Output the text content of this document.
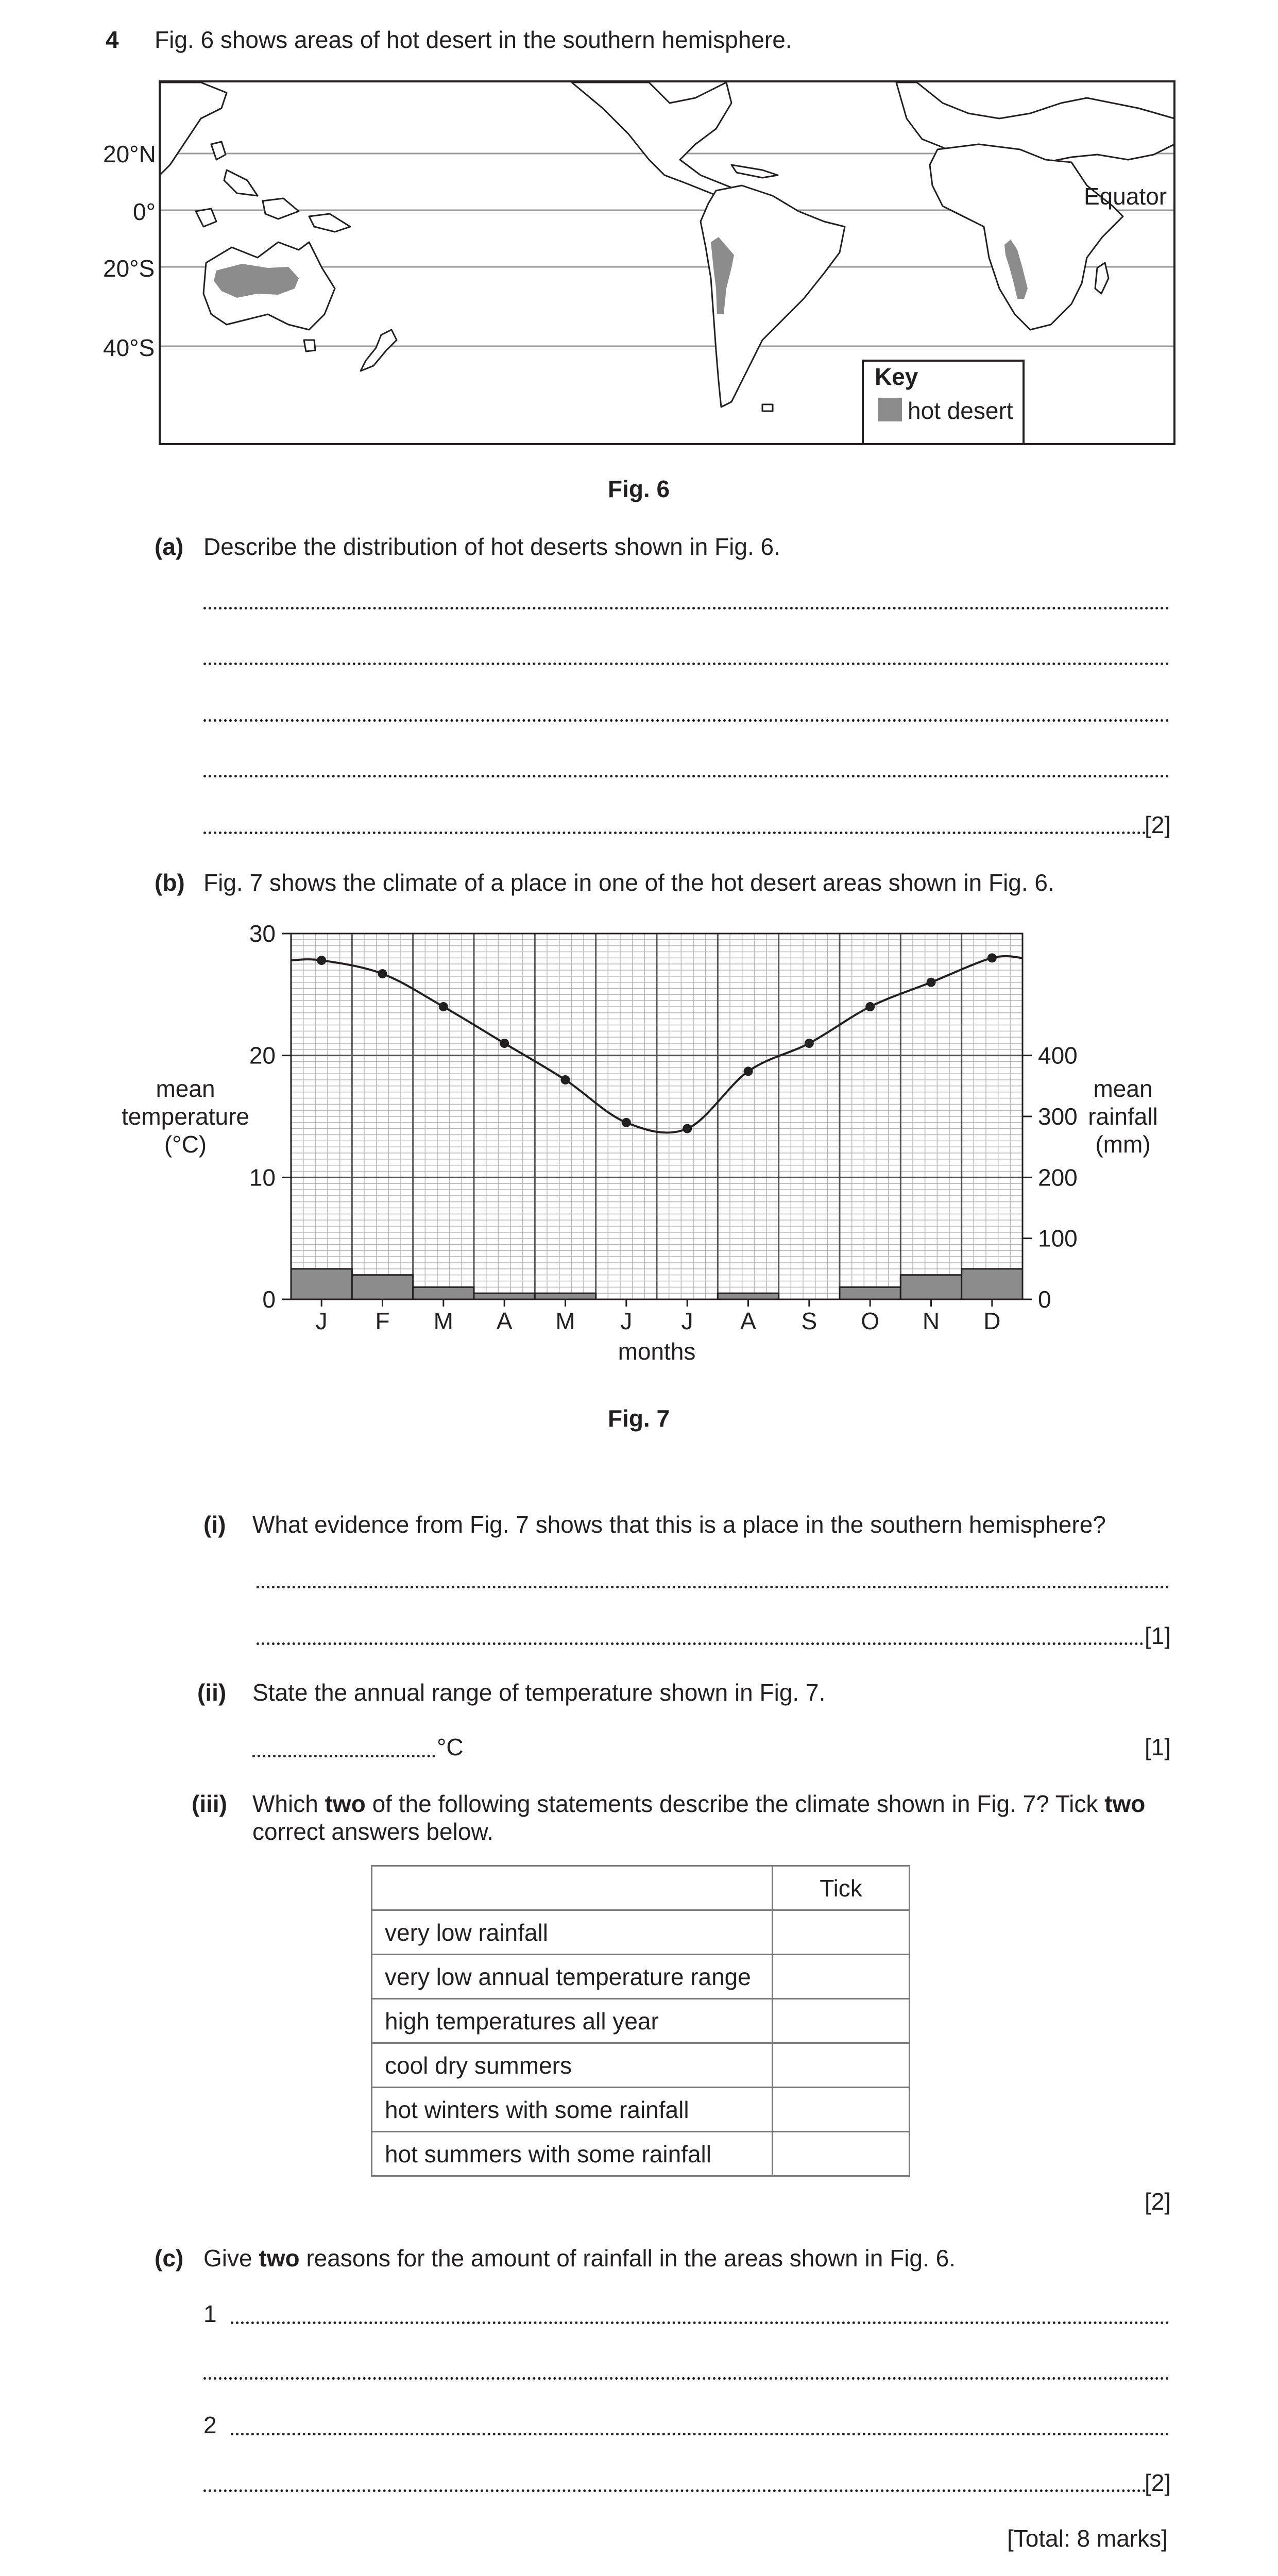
4 Fig. 6 shows areas of hot desert in the southern hemisphere.
20°N
0°
20°S
40°S
Equator
Key
hot desert
Fig. 6
(a) Describe the distribution of hot deserts shown in Fig. 6.
[2]
(b) Fig. 7 shows the climate of a place in one of the hot desert areas shown in Fig. 6.
0
10
20
30
0
100
200
300
400
J F M A M J J A S O N D
mean
temperature
(°C)
mean
rainfall
(mm)
months
Fig. 7
(i) What evidence from Fig. 7 shows that this is a place in the southern hemisphere?
[1]
(ii) State the annual range of temperature shown in Fig. 7.
°C	[1]
(iii) Which two of the following statements describe the climate shown in Fig. 7? Tick two
correct answers below.
	Tick
very low rainfall	
very low annual temperature range	
high temperatures all year	
cool dry summers	
hot winters with some rainfall	
hot summers with some rainfall	
[2]
(c) Give two reasons for the amount of rainfall in the areas shown in Fig. 6.
1
2
[2]
[Total: 8 marks]
